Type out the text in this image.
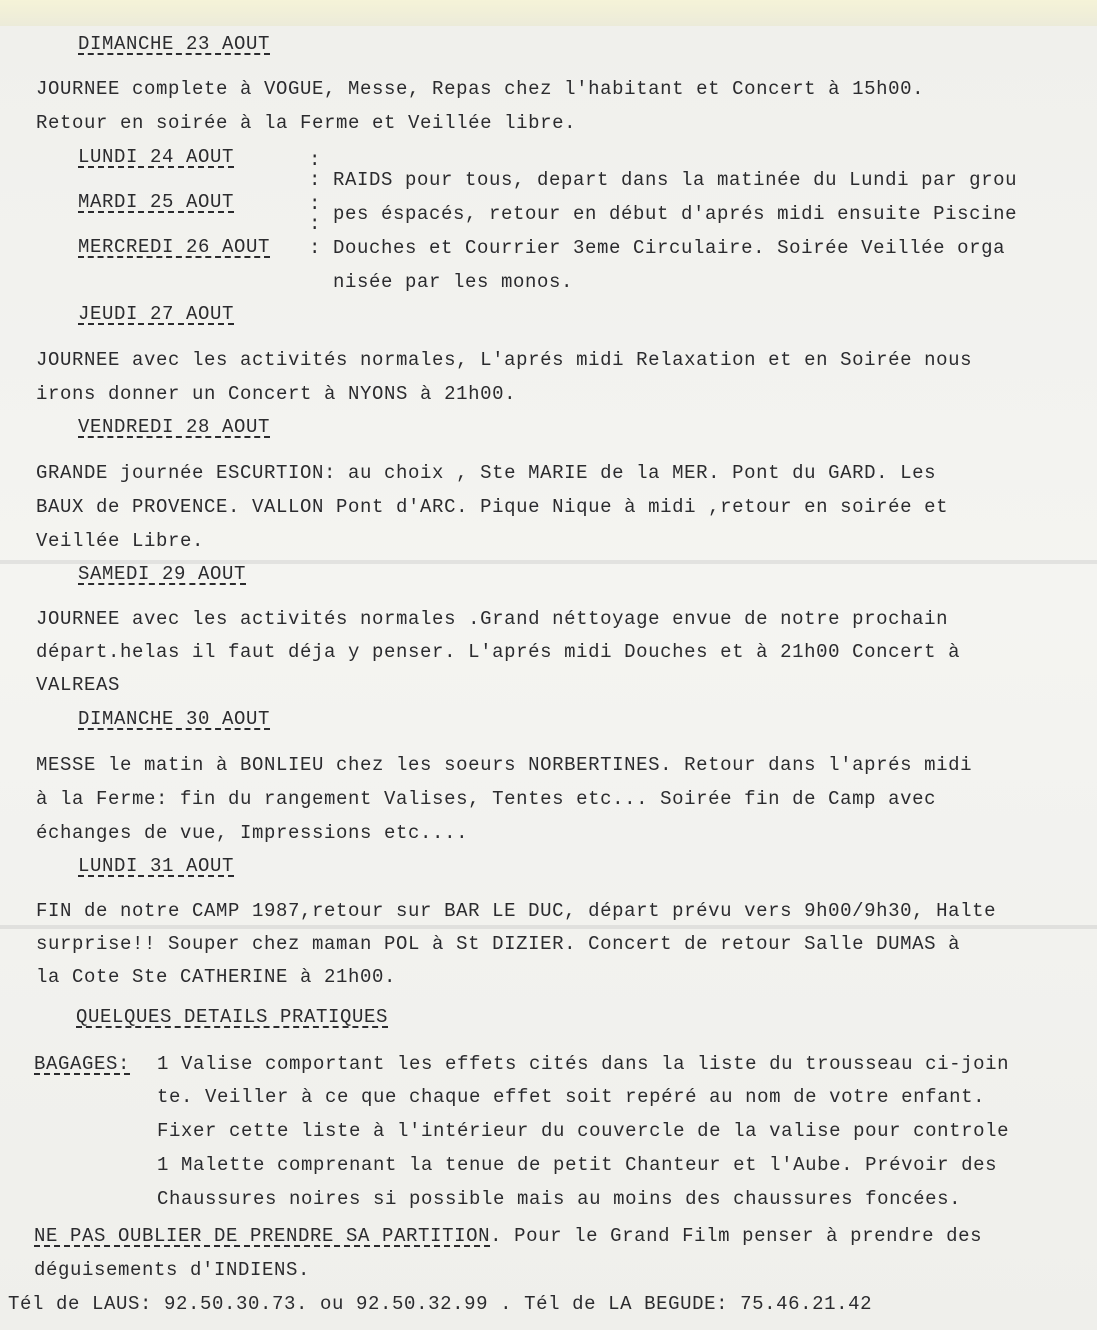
DIMANCHE 23 AOUT
JOURNEE complete à VOGUE, Messe, Repas chez l'habitant et Concert à 15h00.
Retour en soirée à la Ferme et Veillée libre.
LUNDI 24 AOUT
MARDI 25 AOUT
MERCREDI 26 AOUT
:
:
:
:
:
RAIDS pour tous, depart dans la matinée du Lundi par grou
pes éspacés, retour en début d'aprés midi ensuite Piscine
Douches et Courrier 3eme Circulaire. Soirée Veillée orga
nisée par les monos.
JEUDI 27 AOUT
JOURNEE avec les activités normales, L'aprés midi Relaxation et en Soirée nous
irons donner un Concert à NYONS à 21h00.
VENDREDI 28 AOUT
GRANDE journée ESCURTION: au choix , Ste MARIE de la MER. Pont du GARD. Les
BAUX de PROVENCE. VALLON Pont d'ARC. Pique Nique à midi ,retour en soirée et
Veillée Libre.
SAMEDI 29 AOUT
JOURNEE avec les activités normales .Grand néttoyage envue de notre prochain
départ.helas il faut déja y penser. L'aprés midi Douches et à 21h00 Concert à
VALREAS
DIMANCHE 30 AOUT
MESSE le matin à BONLIEU chez les soeurs NORBERTINES. Retour dans l'aprés midi
à la Ferme: fin du rangement Valises, Tentes etc... Soirée fin de Camp avec
échanges de vue, Impressions etc....
LUNDI 31 AOUT
FIN de notre CAMP 1987,retour sur BAR LE DUC, départ prévu vers 9h00/9h30, Halte
surprise!! Souper chez maman POL à St DIZIER. Concert de retour Salle DUMAS à
la Cote Ste CATHERINE à 21h00.
QUELQUES DETAILS PRATIQUES
BAGAGES: 1 Valise comportant les effets cités dans la liste du trousseau ci-join
te. Veiller à ce que chaque effet soit repéré au nom de votre enfant.
Fixer cette liste à l'intérieur du couvercle de la valise pour controle
1 Malette comprenant la tenue de petit Chanteur et l'Aube. Prévoir des
Chaussures noires si possible mais au moins des chaussures foncées.
NE PAS OUBLIER DE PRENDRE SA PARTITION. Pour le Grand Film penser à prendre des
déguisements d'INDIENS.
Tél de LAUS: 92.50.30.73. ou 92.50.32.99 . Tél de LA BEGUDE: 75.46.21.42
